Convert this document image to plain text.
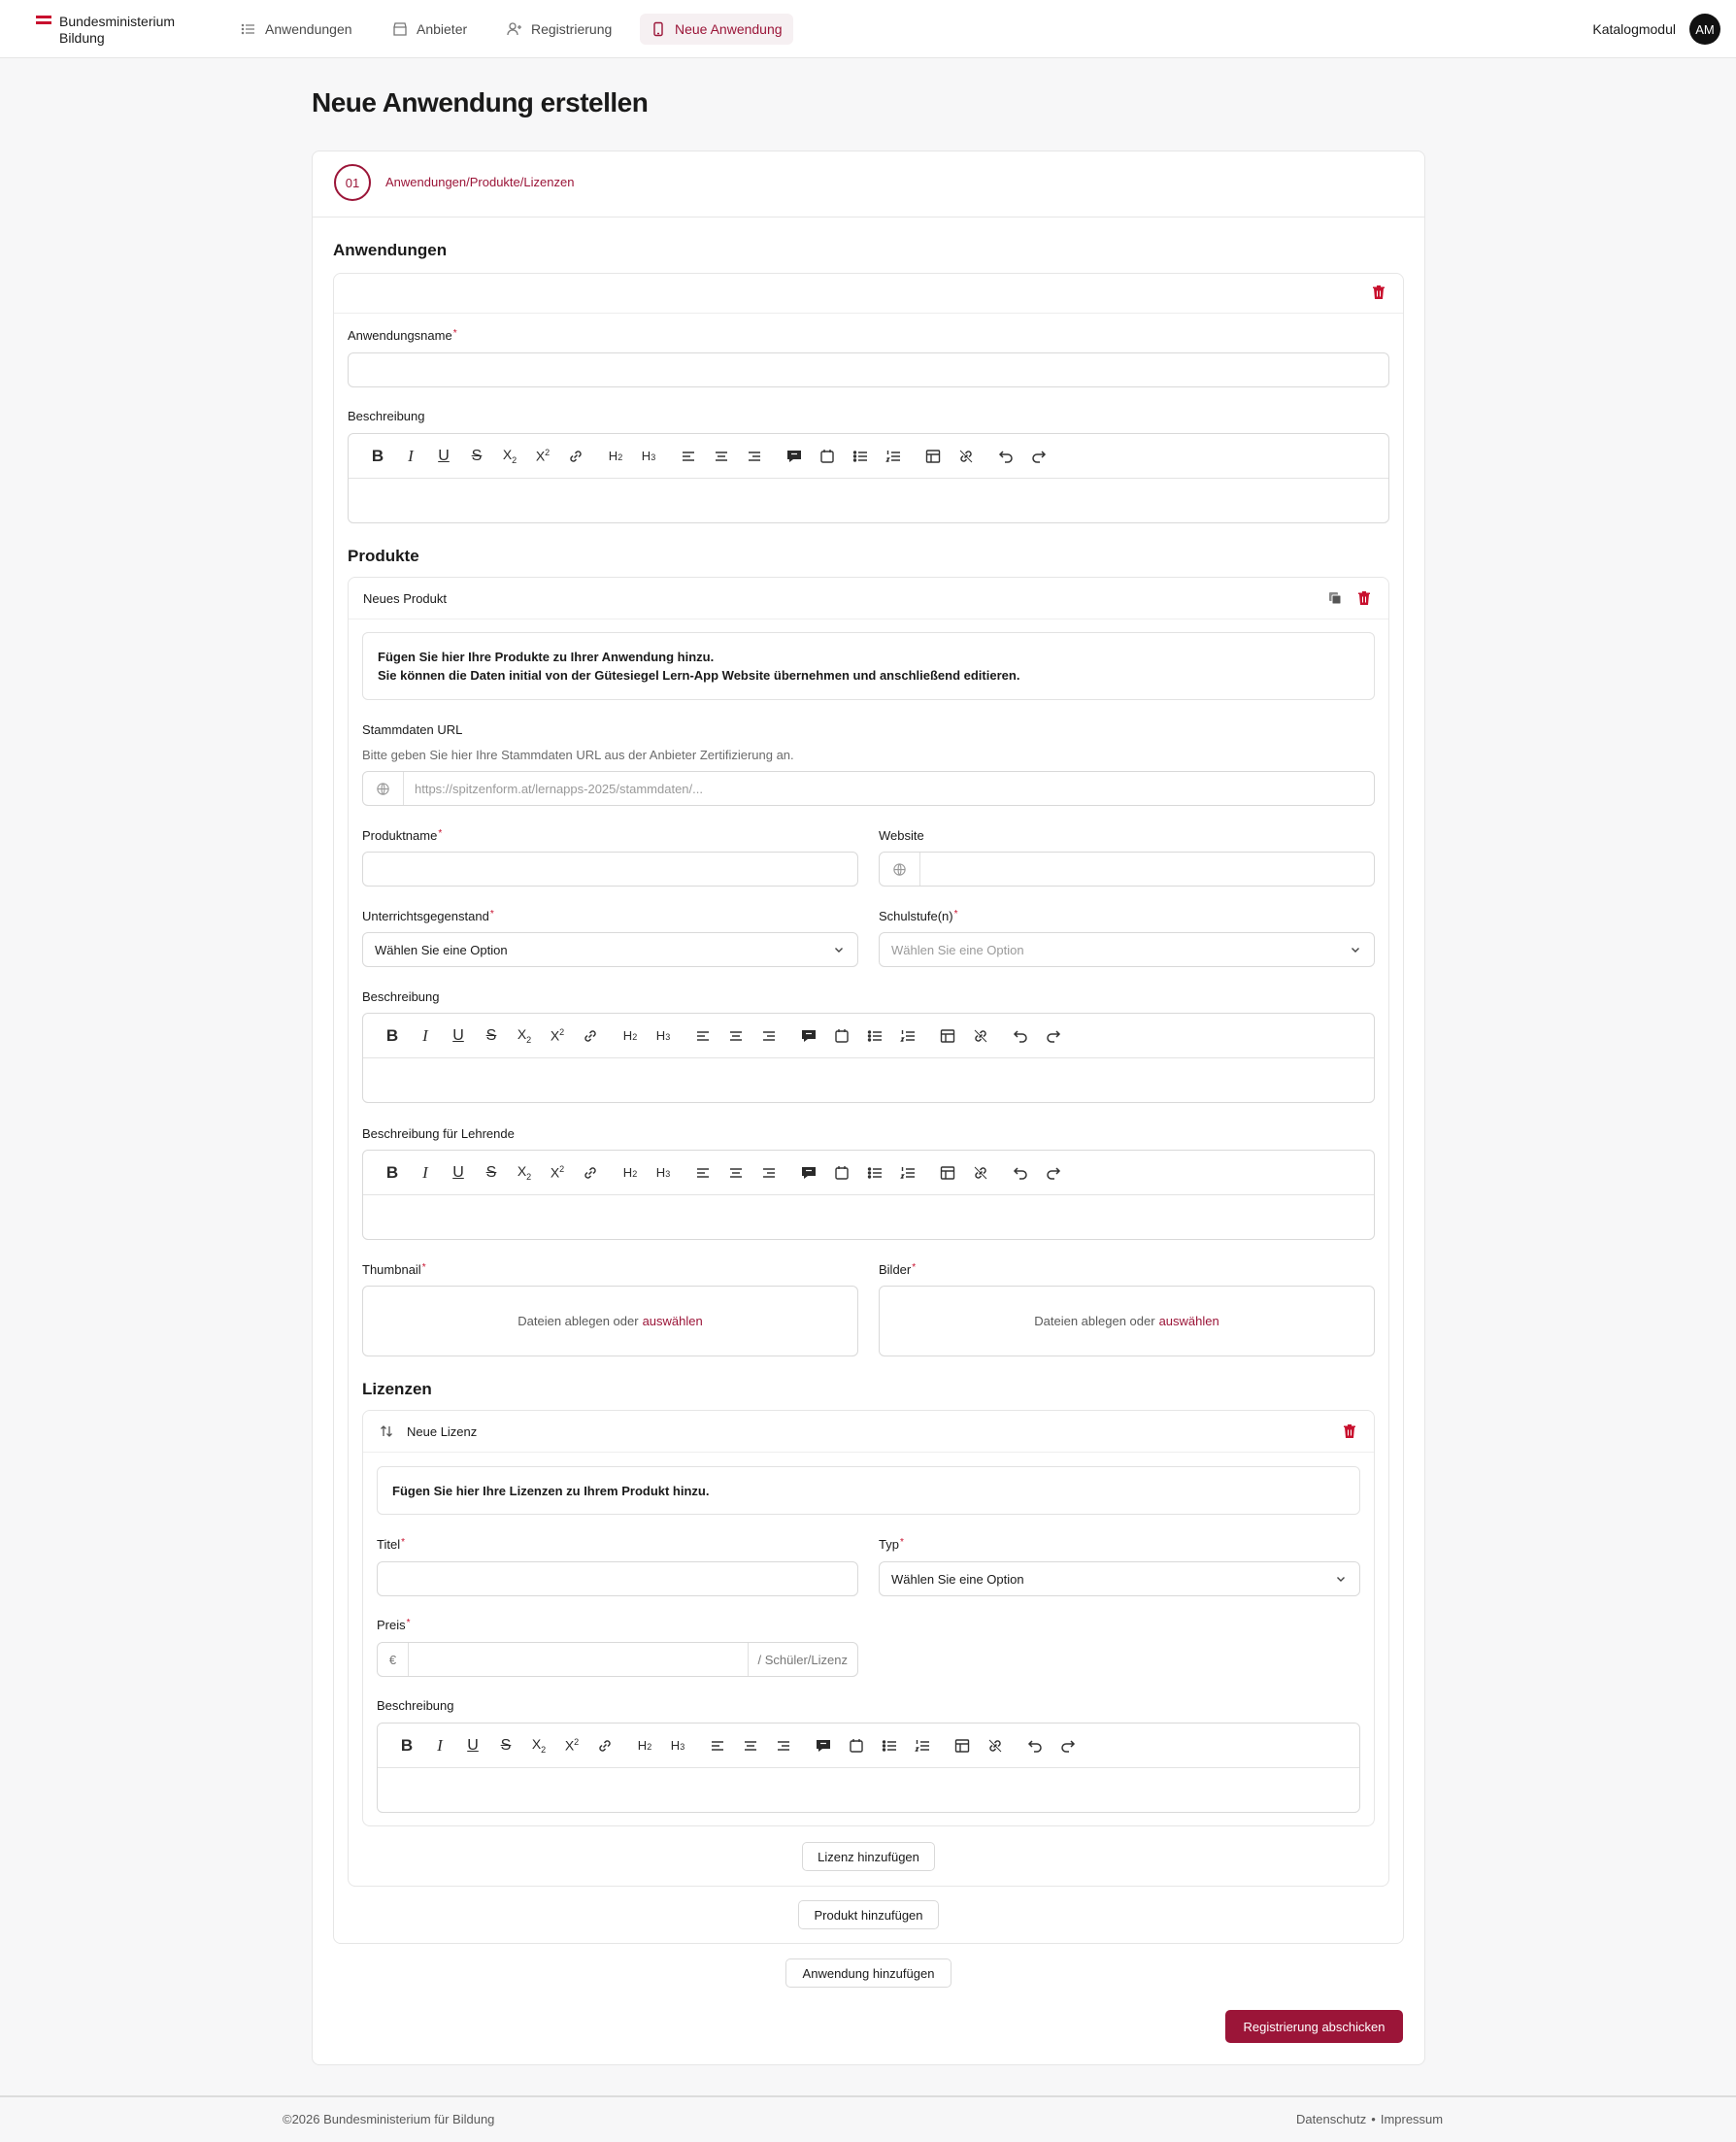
Bundesministerium
Bildung
Anwendungen	Anbieter	Registrierung	Neue Anwendung	Katalogmodul	AM
Neue Anwendung erstellen
01	Anwendungen/Produkte/Lizenzen
Anwendungen
Anwendungsname*
Beschreibung
B I U S $X_2$ $X^2$	H2 H3
Produkte
Neues Produkt
Fügen Sie hier Ihre Produkte zu Ihrer Anwendung hinzu.
Sie können die Daten initial von der Gütesiegel Lern-App Website übernehmen und anschließend editieren.
Stammdaten URL
Bitte geben Sie hier Ihre Stammdaten URL aus der Anbieter Zertifizierung an.
https://spitzenform.at/lernapps-2025/stammdaten/...
Produktname*	Website
Unterrichtsgegenstand*
Wählen Sie eine Option
Schulstufe(n)*
Wählen Sie eine Option
Beschreibung
B I U S $X_2$ $X^2$	H2 H3
Beschreibung für Lehrende
B I U S $X_2$ $X^2$	H2 H3
Thumbnail*
Dateien ablegen oder auswählen
Bilder*
Dateien ablegen oder auswählen
Lizenzen
Neue Lizenz
Fügen Sie hier Ihre Lizenzen zu Ihrem Produkt hinzu.
Titel*	Typ*
Wählen Sie eine Option
Preis*
€	/ Schüler/Lizenz
Beschreibung
B I U S $X_2$ $X^2$	H2 H3
Lizenz hinzufügen
Produkt hinzufügen
Anwendung hinzufügen
Registrierung abschicken
©2026 Bundesministerium für Bildung	Datenschutz • Impressum
